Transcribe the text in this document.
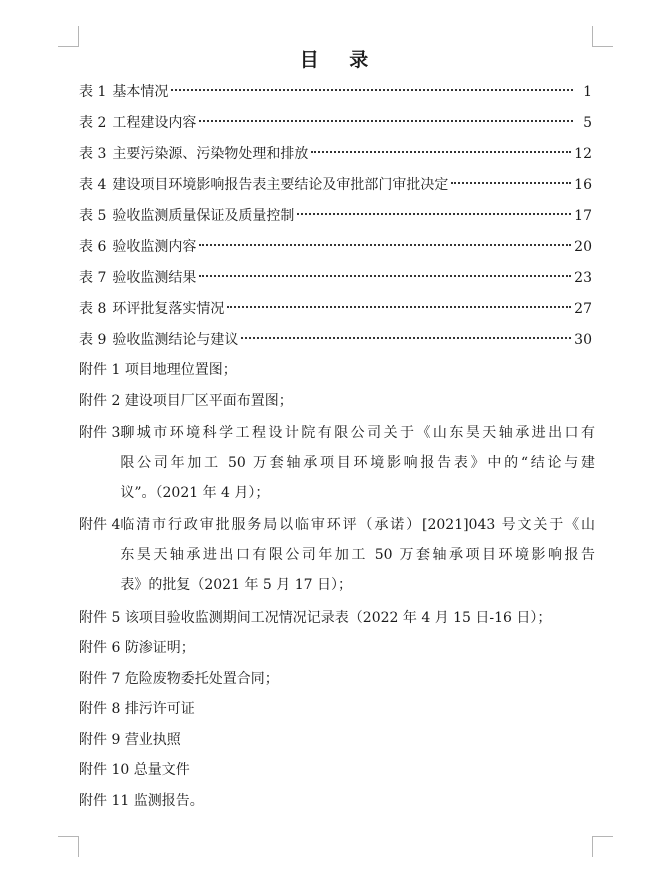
目 录
表 1 基本情况	1
表 2 工程建设内容	5
表 3 主要污染源、污染物处理和排放	12
表 4 建设项目环境影响报告表主要结论及审批部门审批决定	16
表 5 验收监测质量保证及质量控制	17
表 6 验收监测内容	20
表 7 验收监测结果	23
表 8 环评批复落实情况	27
表 9 验收监测结论与建议	30
附件 1 项目地理位置图；
附件 2 建设项目厂区平面布置图；
附件 3 聊城市环境科学工程设计院有限公司关于《山东昊天轴承进出口有
限公司年加工 50 万套轴承项目环境影响报告表》中的“结论与建
议”。（2021 年 4 月）；
附件 4 临清市行政审批服务局以临审环评（承诺）[2021]043 号文关于《山
东昊天轴承进出口有限公司年加工 50 万套轴承项目环境影响报告
表》的批复（2021 年 5 月 17 日）；
附件 5 该项目验收监测期间工况情况记录表（2022 年 4 月 15 日-16 日）；
附件 6 防渗证明；
附件 7 危险废物委托处置合同；
附件 8 排污许可证
附件 9 营业执照
附件 10 总量文件
附件 11 监测报告。
